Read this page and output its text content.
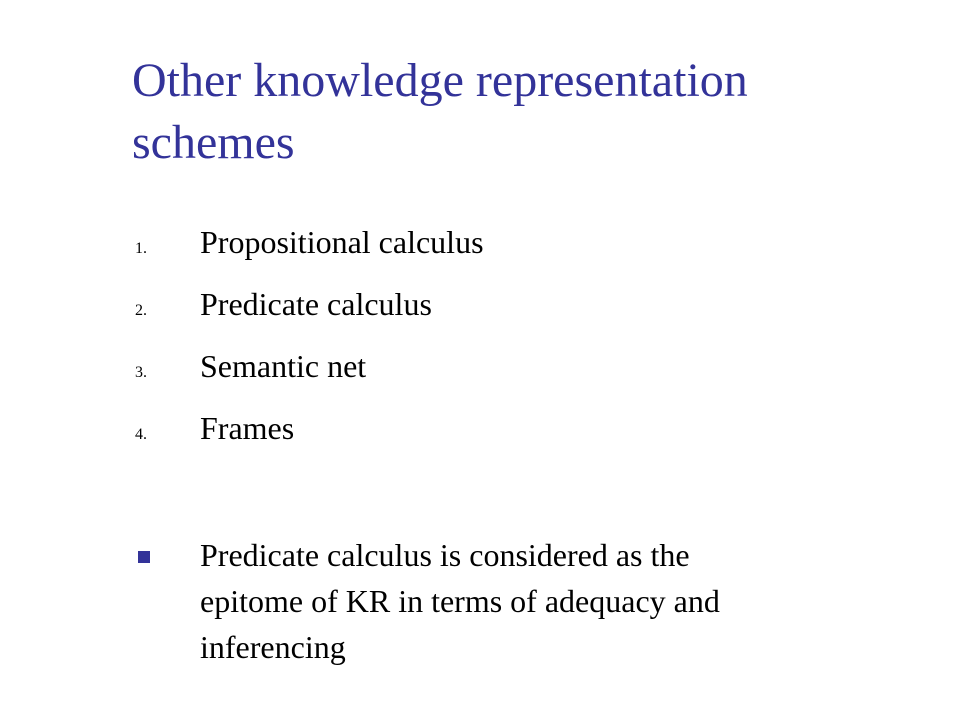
Other knowledge representation
schemes
1. Propositional calculus
2. Predicate calculus
3. Semantic net
4. Frames
Predicate calculus is considered as the
epitome of KR in terms of adequacy and
inferencing
